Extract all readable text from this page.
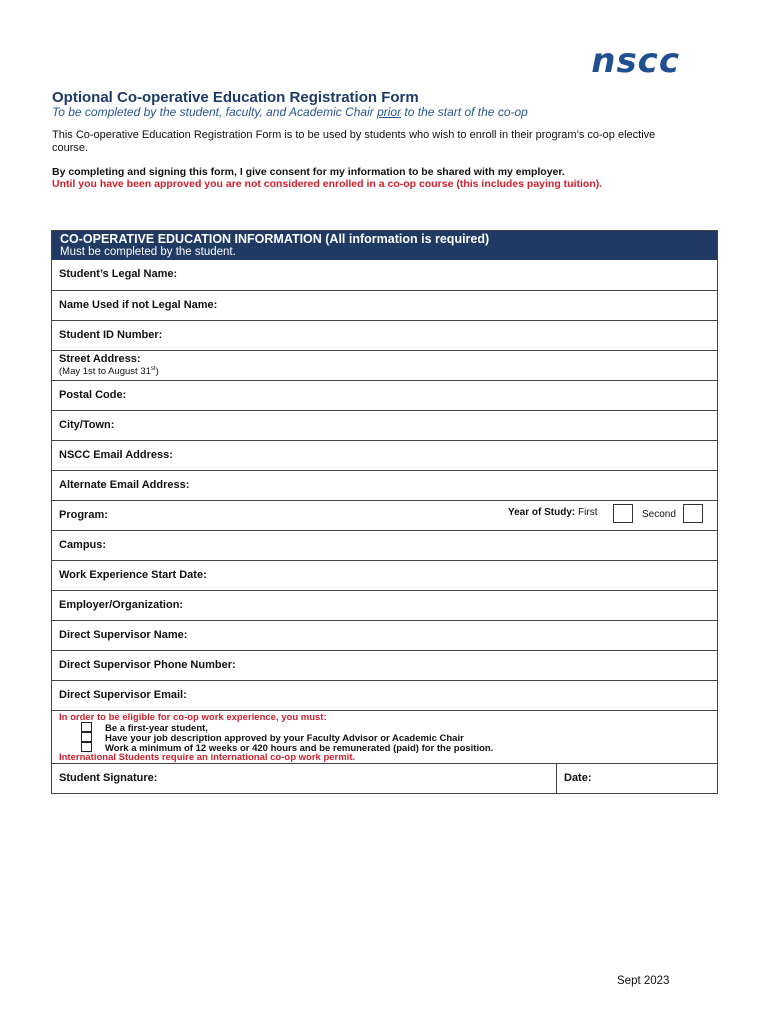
nscc
Optional Co-operative Education Registration Form
To be completed by the student, faculty, and Academic Chair prior to the start of the co-op
This Co-operative Education Registration Form is to be used by students who wish to enroll in their program’s co-op elective course.
By completing and signing this form, I give consent for my information to be shared with my employer.
Until you have been approved you are not considered enrolled in a co-op course (this includes paying tuition).
CO-OPERATIVE EDUCATION INFORMATION (All information is required)
Must be completed by the student.
Student’s Legal Name:
Name Used if not Legal Name:
Student ID Number:
Street Address:
(May 1st to August 31st)
Postal Code:
City/Town:
NSCC Email Address:
Alternate Email Address:
Program:	Year of Study: First	Second
Campus:
Work Experience Start Date:
Employer/Organization:
Direct Supervisor Name:
Direct Supervisor Phone Number:
Direct Supervisor Email:
In order to be eligible for co-op work experience, you must:
Be a first-year student,
Have your job description approved by your Faculty Advisor or Academic Chair
Work a minimum of 12 weeks or 420 hours and be remunerated (paid) for the position.
International Students require an international co-op work permit.
Student Signature:	Date:
Sept 2023
